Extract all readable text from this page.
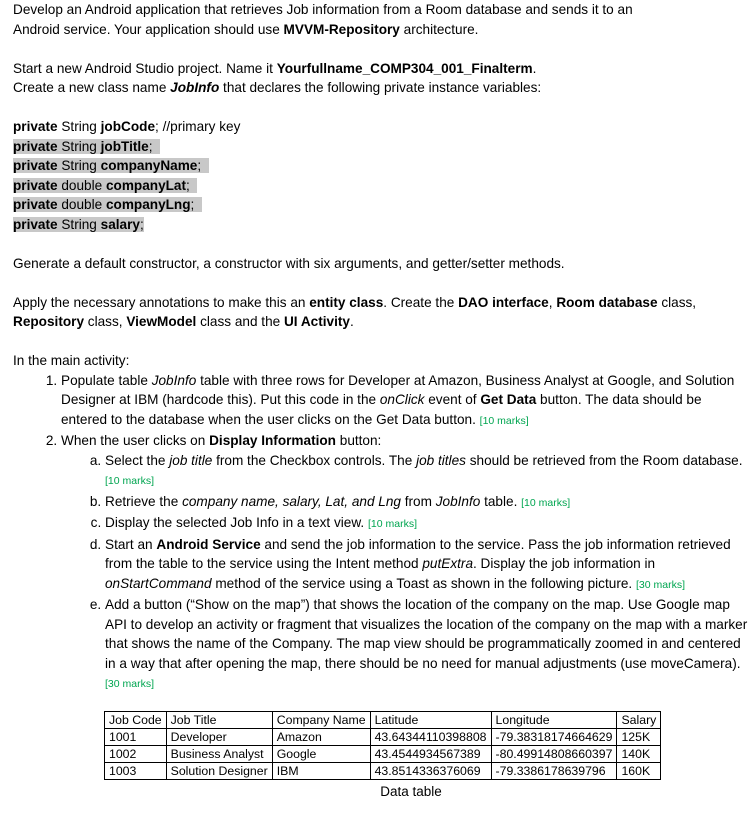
Develop an Android application that retrieves Job information from a Room database and sends it to an
Android service. Your application should use MVVM-Repository architecture.

Start a new Android Studio project. Name it Yourfullname_COMP304_001_Finalterm.
Create a new class name JobInfo that declares the following private instance variables:

private String jobCode; //primary key
private String jobTitle;
private String companyName;
private double companyLat;
private double companyLng;
private String salary;

Generate a default constructor, a constructor with six arguments, and getter/setter methods.

Apply the necessary annotations to make this an entity class. Create the DAO interface, Room database class,
Repository class, ViewModel class and the UI Activity.

In the main activity:

1. Populate table JobInfo table with three rows for Developer at Amazon, Business Analyst at Google, and Solution Designer at IBM (hardcode this). Put this code in the onClick event of Get Data button. The data should be entered to the database when the user clicks on the Get Data button. [10 marks]
2. When the user clicks on Display Information button:
a. Select the job title from the Checkbox controls. The job titles should be retrieved from the Room database. [10 marks]
b. Retrieve the company name, salary, Lat, and Lng from JobInfo table. [10 marks]
c. Display the selected Job Info in a text view. [10 marks]
d. Start an Android Service and send the job information to the service. Pass the job information retrieved from the table to the service using the Intent method putExtra. Display the job information in onStartCommand method of the service using a Toast as shown in the following picture. [30 marks]
e. Add a button (“Show on the map”) that shows the location of the company on the map. Use Google map API to develop an activity or fragment that visualizes the location of the company on the map with a marker that shows the name of the Company. The map view should be programmatically zoomed in and centered in a way that after opening the map, there should be no need for manual adjustments (use moveCamera). [30 marks]
Job Code	Job Title	Company Name	Latitude	Longitude	Salary
1001	Developer	Amazon	43.64344110398808	-79.38318174664629	125K
1002	Business Analyst	Google	43.4544934567389	-80.49914808660397	140K
1003	Solution Designer	IBM	43.8514336376069	-79.3386178639796	160K
Data table
